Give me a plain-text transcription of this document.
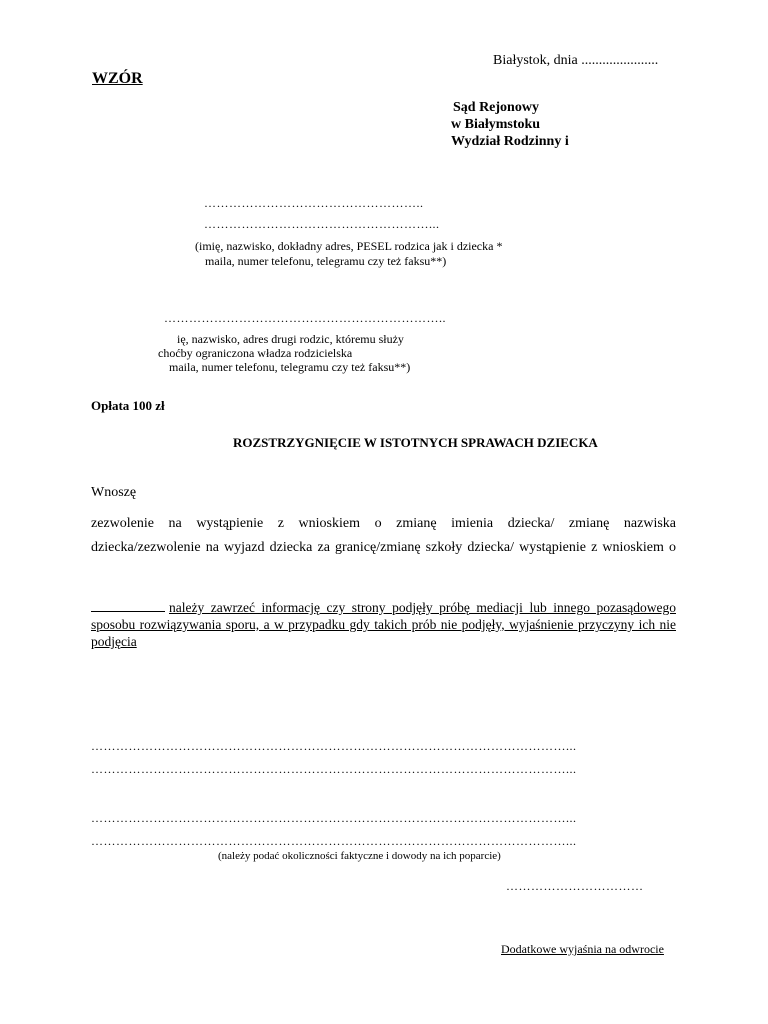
Białystok, dnia ......................
WZÓR
Sąd Rejonowy
w Białymstoku
Wydział Rodzinny i
……………………………………………..
………………………………………………...
(imię, nazwisko, dokładny adres, PESEL rodzica jak i dziecka *
maila, numer telefonu, telegramu czy też faksu**)
…………………………………………………………..
ię, nazwisko, adres drugi rodzic, któremu służy
choćby ograniczona władza rodzicielska
maila, numer telefonu, telegramu czy też faksu**)
Opłata 100 zł
ROZSTRZYGNIĘCIE W ISTOTNYCH SPRAWACH DZIECKA
Wnoszę
zezwolenie na wystąpienie z wnioskiem o zmianę imienia dziecka/ zmianę nazwiska
dziecka/zezwolenie na wyjazd dziecka za granicę/zmianę szkoły dziecka/ wystąpienie z wnioskiem o
należy zawrzeć informację czy strony podjęły próbę mediacji lub innego pozasądowego sposobu rozwiązywania sporu, a w przypadku gdy takich prób nie podjęły, wyjaśnienie przyczyny ich nie podjęcia
……………………………………………………………………………………………………...
……………………………………………………………………………………………………...
……………………………………………………………………………………………………...
……………………………………………………………………………………………………...
(należy podać okoliczności faktyczne i dowody na ich poparcie)
……………………………
Dodatkowe wyjaśnia na odwrocie
